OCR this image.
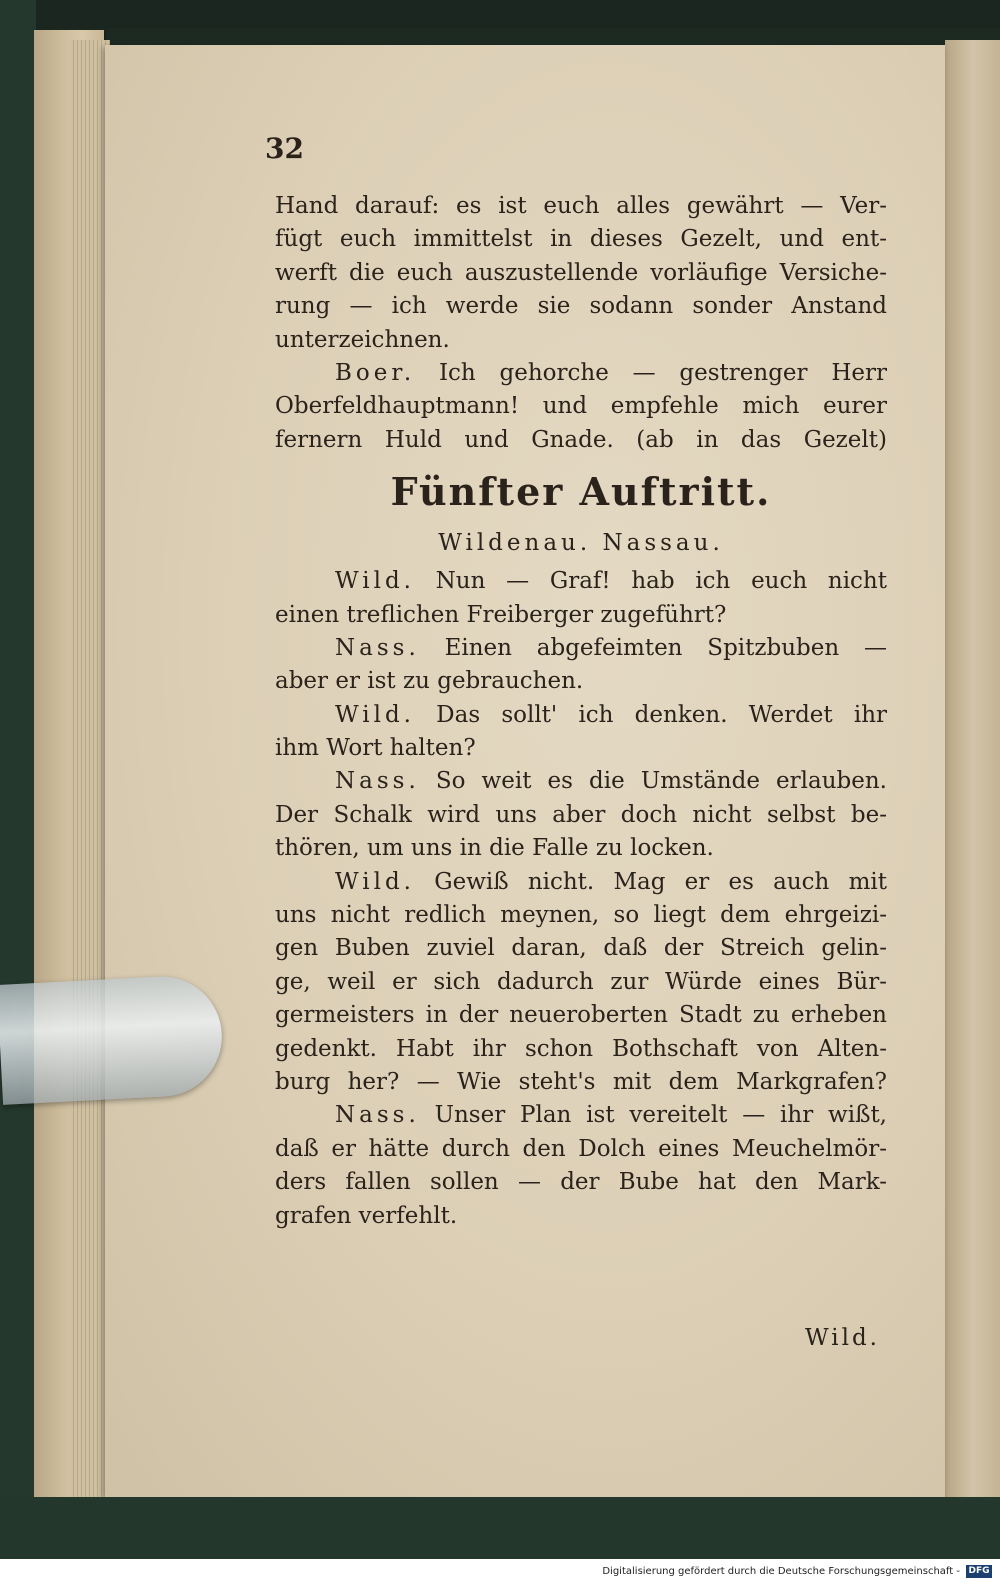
32
Hand darauf: es ist euch alles gewährt — Ver-
fügt euch immittelst in dieses Gezelt, und ent-
werft die euch auszustellende vorläufige Versiche-
rung — ich werde sie sodann sonder Anstand
unterzeichnen.
Boer. Ich gehorche — gestrenger Herr
Oberfeldhauptmann! und empfehle mich eurer
fernern Huld und Gnade. (ab in das Gezelt)
Fünfter Auftritt.
Wildenau. Nassau.
Wild. Nun — Graf! hab ich euch nicht
einen treflichen Freiberger zugeführt?
Nass. Einen abgefeimten Spitzbuben —
aber er ist zu gebrauchen.
Wild. Das sollt' ich denken. Werdet ihr
ihm Wort halten?
Nass. So weit es die Umstände erlauben.
Der Schalk wird uns aber doch nicht selbst be-
thören, um uns in die Falle zu locken.
Wild. Gewiß nicht. Mag er es auch mit
uns nicht redlich meynen, so liegt dem ehrgeizi-
gen Buben zuviel daran, daß der Streich gelin-
ge, weil er sich dadurch zur Würde eines Bür-
germeisters in der neueroberten Stadt zu erheben
gedenkt. Habt ihr schon Bothschaft von Alten-
burg her? — Wie steht's mit dem Markgrafen?
Nass. Unser Plan ist vereitelt — ihr wißt,
daß er hätte durch den Dolch eines Meuchelmör-
ders fallen sollen — der Bube hat den Mark-
grafen verfehlt.
Wild.
Digitalisierung gefördert durch die Deutsche Forschungsgemeinschaft - DFG
